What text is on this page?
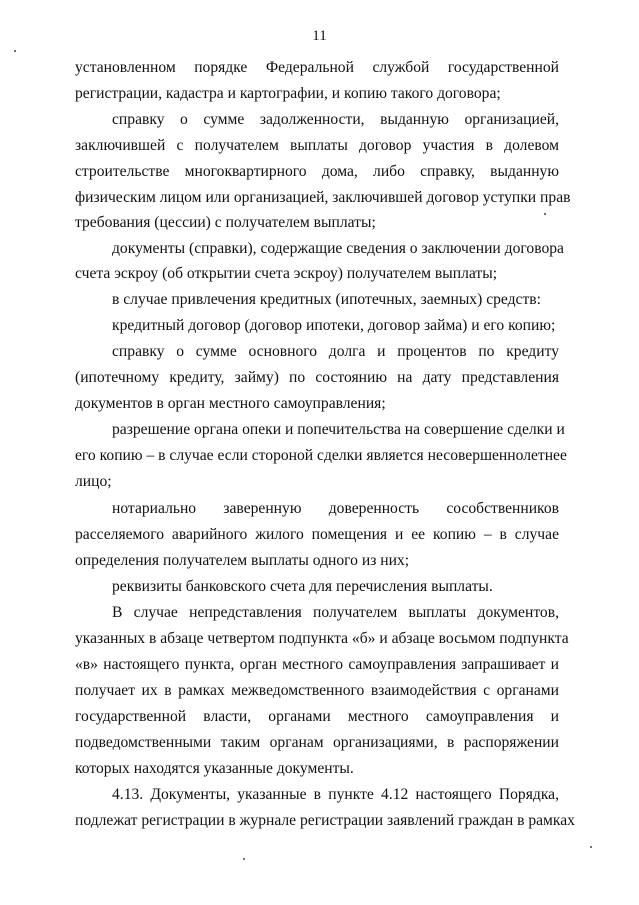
11
установленном порядке Федеральной службой государственной
регистрации, кадастра и картографии, и копию такого договора;
справку о сумме задолженности, выданную организацией,
заключившей с получателем выплаты договор участия в долевом
строительстве многоквартирного дома, либо справку, выданную
физическим лицом или организацией, заключившей договор уступки прав
требования (цессии) с получателем выплаты;
документы (справки), содержащие сведения о заключении договора
счета эскроу (об открытии счета эскроу) получателем выплаты;
в случае привлечения кредитных (ипотечных, заемных) средств:
кредитный договор (договор ипотеки, договор займа) и его копию;
справку о сумме основного долга и процентов по кредиту
(ипотечному кредиту, займу) по состоянию на дату представления
документов в орган местного самоуправления;
разрешение органа опеки и попечительства на совершение сделки и
его копию – в случае если стороной сделки является несовершеннолетнее
лицо;
нотариально заверенную доверенность сособственников
расселяемого аварийного жилого помещения и ее копию – в случае
определения получателем выплаты одного из них;
реквизиты банковского счета для перечисления выплаты.
В случае непредставления получателем выплаты документов,
указанных в абзаце четвертом подпункта «б» и абзаце восьмом подпункта
«в» настоящего пункта, орган местного самоуправления запрашивает и
получает их в рамках межведомственного взаимодействия с органами
государственной власти, органами местного самоуправления и
подведомственными таким органам организациями, в распоряжении
которых находятся указанные документы.
4.13. Документы, указанные в пункте 4.12 настоящего Порядка,
подлежат регистрации в журнале регистрации заявлений граждан в рамках
